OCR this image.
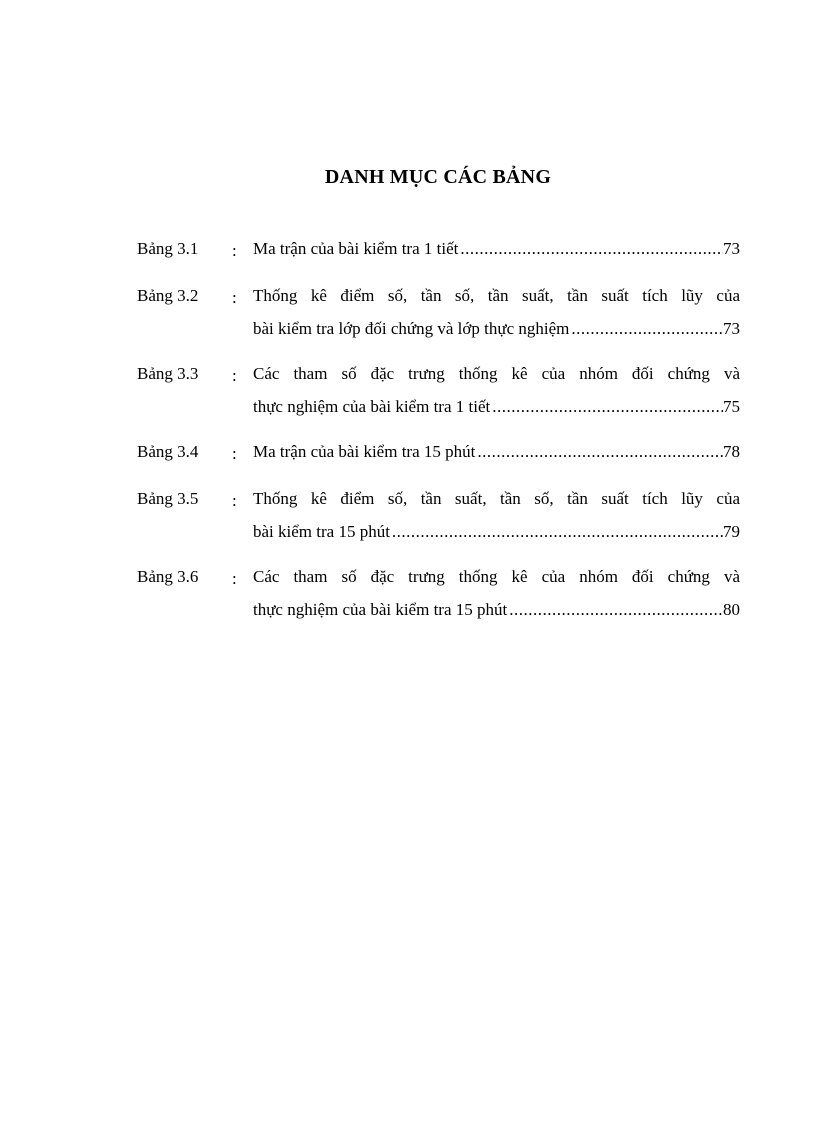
DANH MỤC CÁC BẢNG
Bảng 3.1	: Ma trận của bài kiểm tra 1 tiết .....	73
Bảng 3.2	: Thống kê điểm số, tần số, tần suất, tần suất tích lũy của
bài kiểm tra lớp đối chứng và lớp thực nghiệm .....	73
Bảng 3.3	: Các tham số đặc trưng thống kê của nhóm đối chứng và
thực nghiệm của bài kiểm tra 1 tiết .....	75
Bảng 3.4	: Ma trận của bài kiểm tra 15 phút .....	78
Bảng 3.5	: Thống kê điểm số, tần suất, tần số, tần suất tích lũy của
bài kiểm tra 15 phút .....	79
Bảng 3.6	: Các tham số đặc trưng thống kê của nhóm đối chứng và
thực nghiệm của bài kiểm tra 15 phút .....	80
